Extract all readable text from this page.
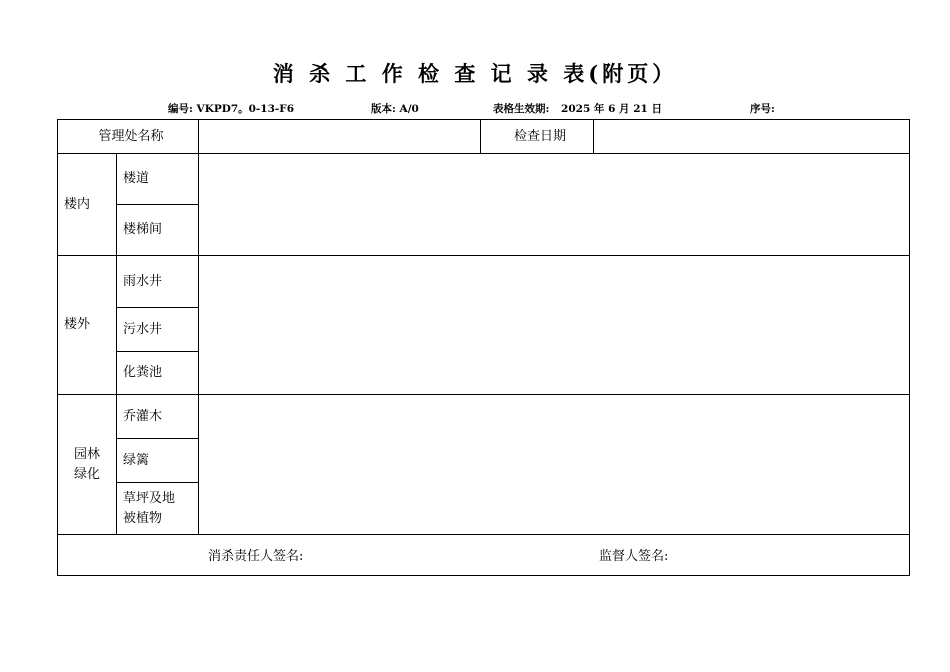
消 杀 工 作 检 查 记 录 表(附页）
编号: VKPD7。0-13-F6	版本: A/0	表格生效期: 2025 年 6 月 21 日	序号:
管理处名称			检查日期	
楼内	楼道			
	楼梯间			
楼外	雨水井			
	污水井			
	化粪池			
园林
绿化	乔灌木			
	绿篱			
	草坪及地
被植物			

消杀责任人签名: 监督人签名:				
